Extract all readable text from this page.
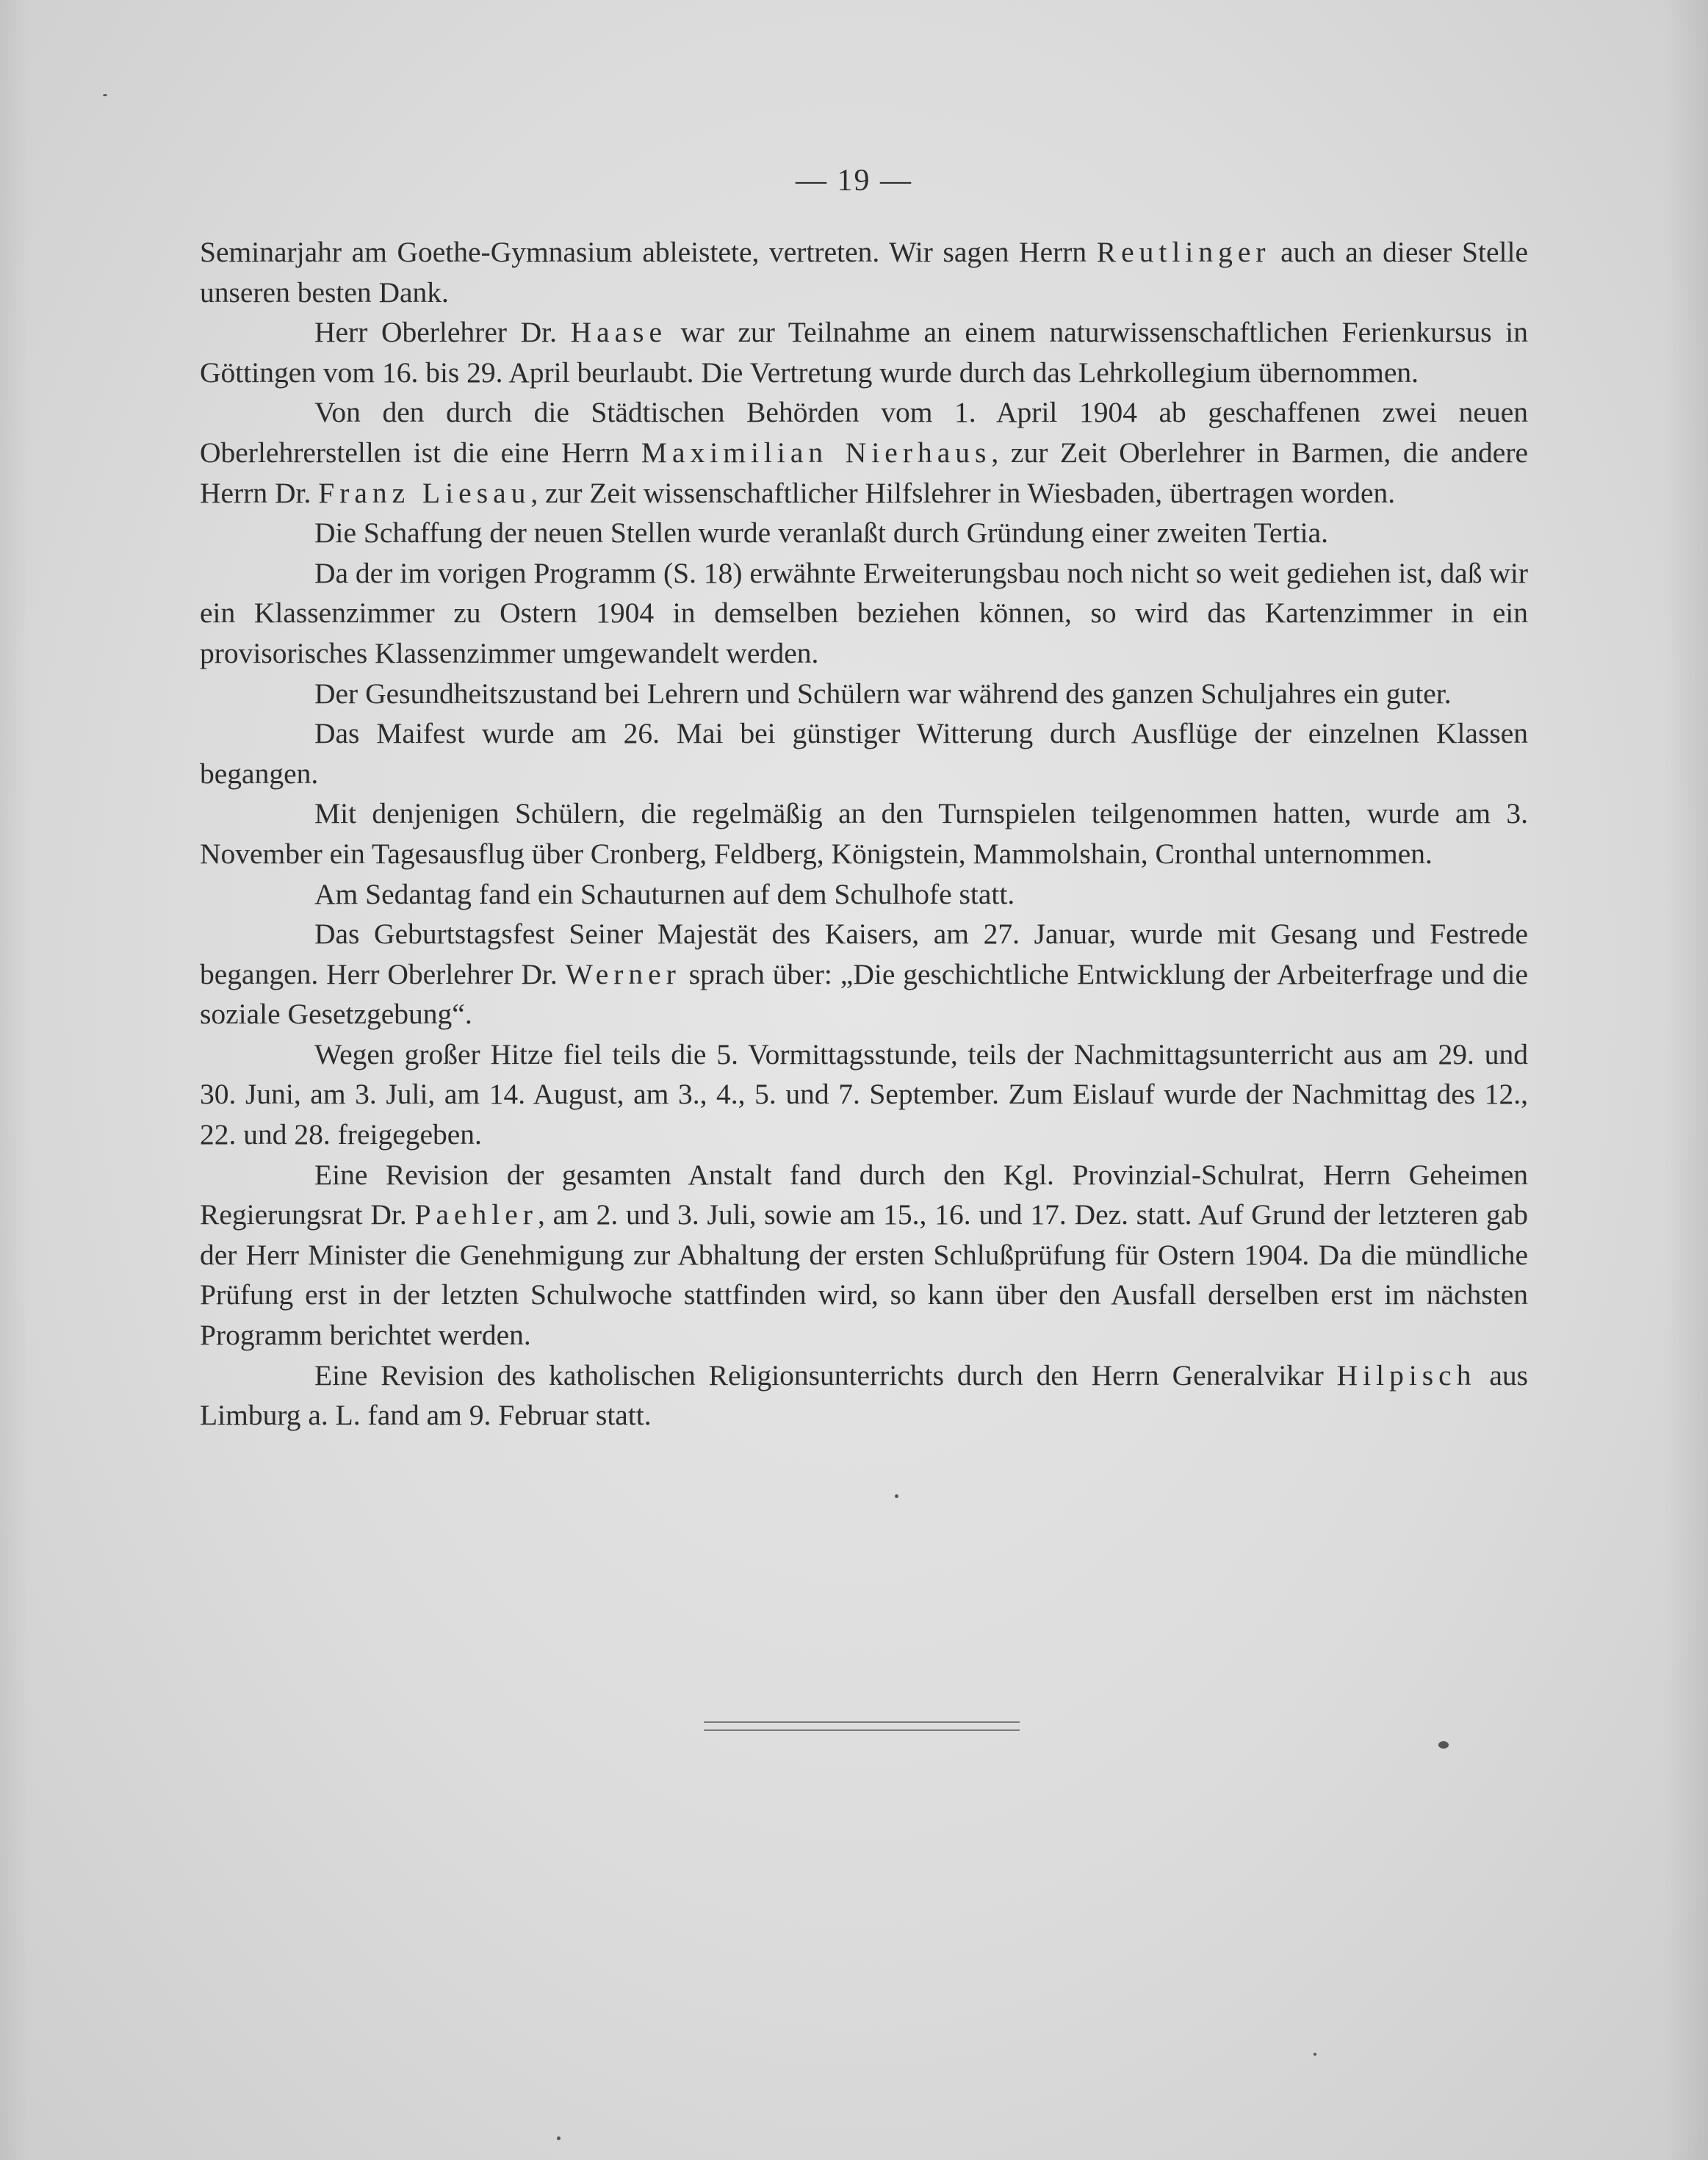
— 19 —

Seminarjahr am Goethe-Gymnasium ableistete, vertreten. Wir sagen Herrn Reutlinger auch an dieser Stelle unseren besten Dank.

Herr Oberlehrer Dr. Haase war zur Teilnahme an einem naturwissenschaftlichen Ferienkursus in Göttingen vom 16. bis 29. April beurlaubt. Die Vertretung wurde durch das Lehrkollegium übernommen.

Von den durch die Städtischen Behörden vom 1. April 1904 ab geschaffenen zwei neuen Oberlehrerstellen ist die eine Herrn Maximilian Nierhaus, zur Zeit Oberlehrer in Barmen, die andere Herrn Dr. Franz Liesau, zur Zeit wissenschaftlicher Hilfslehrer in Wiesbaden, übertragen worden.

Die Schaffung der neuen Stellen wurde veranlaßt durch Gründung einer zweiten Tertia.

Da der im vorigen Programm (S. 18) erwähnte Erweiterungsbau noch nicht so weit gediehen ist, daß wir ein Klassenzimmer zu Ostern 1904 in demselben beziehen können, so wird das Kartenzimmer in ein provisorisches Klassenzimmer umgewandelt werden.

Der Gesundheitszustand bei Lehrern und Schülern war während des ganzen Schuljahres ein guter.

Das Maifest wurde am 26. Mai bei günstiger Witterung durch Ausflüge der einzelnen Klassen begangen.

Mit denjenigen Schülern, die regelmäßig an den Turnspielen teilgenommen hatten, wurde am 3. November ein Tagesausflug über Cronberg, Feldberg, Königstein, Mammolshain, Cronthal unternommen.

Am Sedantag fand ein Schauturnen auf dem Schulhofe statt.

Das Geburtstagsfest Seiner Majestät des Kaisers, am 27. Januar, wurde mit Gesang und Festrede begangen. Herr Oberlehrer Dr. Werner sprach über: „Die geschichtliche Entwicklung der Arbeiterfrage und die soziale Gesetzgebung“.

Wegen großer Hitze fiel teils die 5. Vormittagsstunde, teils der Nachmittagsunterricht aus am 29. und 30. Juni, am 3. Juli, am 14. August, am 3., 4., 5. und 7. September. Zum Eislauf wurde der Nachmittag des 12., 22. und 28. freigegeben.

Eine Revision der gesamten Anstalt fand durch den Kgl. Provinzial-Schulrat, Herrn Geheimen Regierungsrat Dr. Paehler, am 2. und 3. Juli, sowie am 15., 16. und 17. Dez. statt. Auf Grund der letzteren gab der Herr Minister die Genehmigung zur Abhaltung der ersten Schlußprüfung für Ostern 1904. Da die mündliche Prüfung erst in der letzten Schulwoche stattfinden wird, so kann über den Ausfall derselben erst im nächsten Programm berichtet werden.

Eine Revision des katholischen Religionsunterrichts durch den Herrn Generalvikar Hilpisch aus Limburg a. L. fand am 9. Februar statt.
